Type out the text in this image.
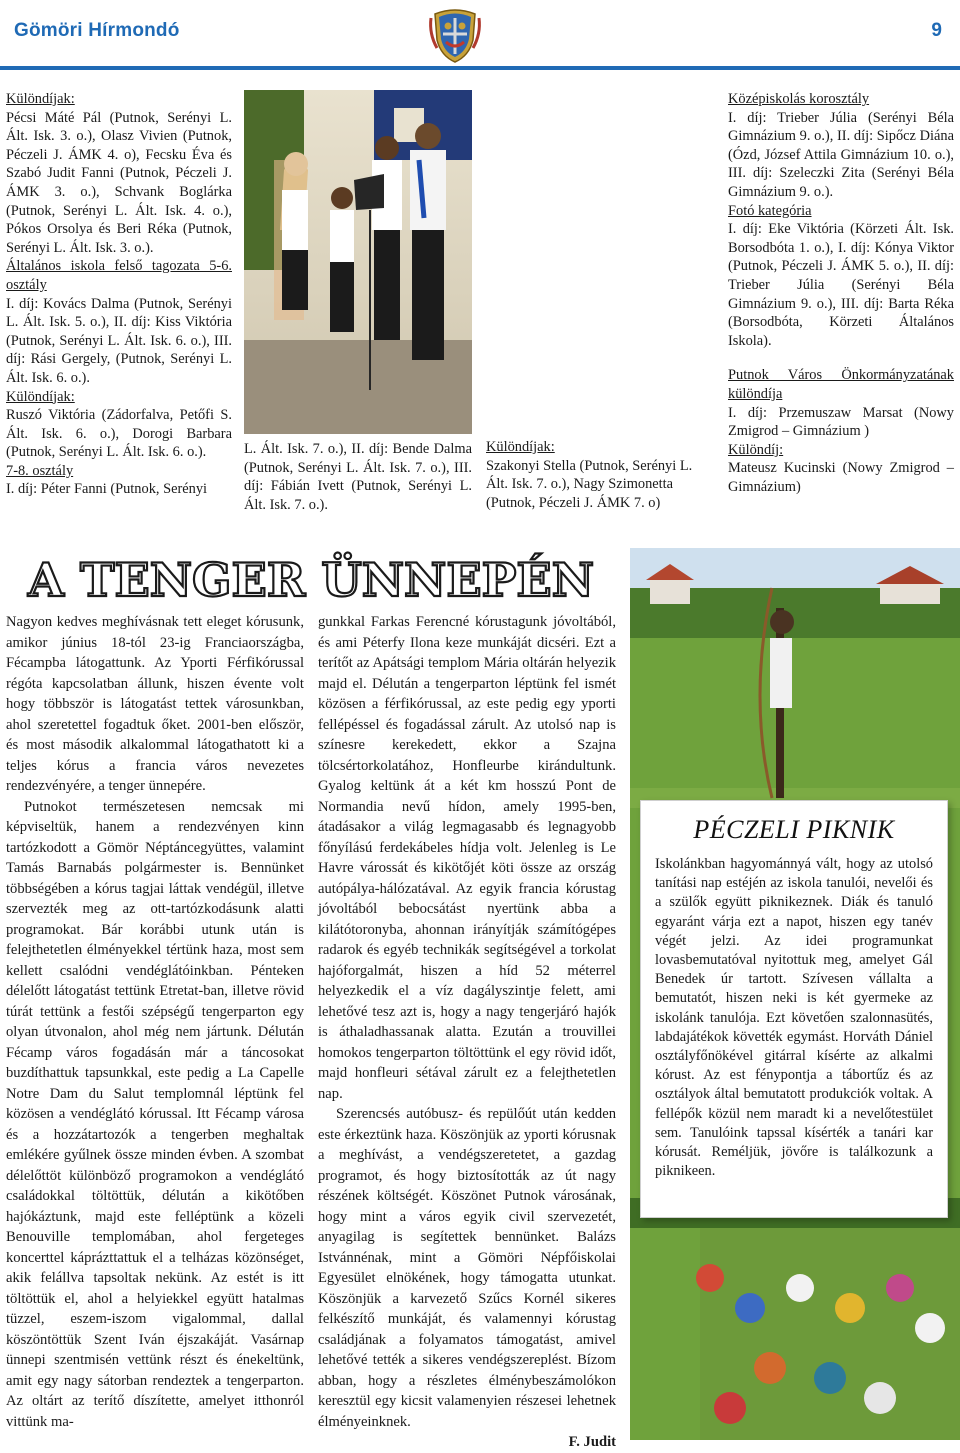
Gömöri Hírmondó	9

Különdíjak:

Pécsi Máté Pál (Putnok, Serényi L. Ált. Isk. 3. o.), Olasz Vivien (Putnok, Péczeli J. ÁMK 4. o), Fecsku Éva és Szabó Judit Fanni (Putnok, Péczeli J. ÁMK 3. o.), Schvank Boglárka (Putnok, Serényi L. Ált. Isk. 4. o.), Pókos Orsolya és Beri Réka (Putnok, Serényi L. Ált. Isk. 3. o.).

Általános iskola felső tagozata 5-6. osztály

I. díj: Kovács Dalma (Putnok, Serényi L. Ált. Isk. 5. o.), II. díj: Kiss Viktória (Putnok, Serényi L. Ált. Isk. 6. o.), III. díj: Rási Gergely, (Putnok, Serényi L. Ált. Isk. 6. o.).

Különdíjak:

Ruszó Viktória (Zádorfalva, Petőfi S. Ált. Isk. 6. o.), Dorogi Barbara (Putnok, Serényi L. Ált. Isk. 6. o.).

7-8. osztály

I. díj: Péter Fanni (Putnok, Serényi

L. Ált. Isk. 7. o.), II. díj: Bende Dalma (Putnok, Serényi L. Ált. Isk. 7. o.), III. díj: Fábián Ivett (Putnok, Serényi L. Ált. Isk. 7. o.).

Különdíjak:

Szakonyi Stella (Putnok, Serényi L. Ált. Isk. 7. o.), Nagy Szimonetta (Putnok, Péczeli J. ÁMK 7. o)

Középiskolás korosztály

I. díj: Trieber Júlia (Serényi Béla Gimnázium 9. o.), II. díj: Sipőcz Diána (Ózd, József Attila Gimnázium 10. o.), III. díj: Szeleczki Zita (Serényi Béla Gimnázium 9. o.).

Fotó kategória

I. díj: Eke Viktória (Körzeti Ált. Isk. Borsodbóta 1. o.), I. díj: Kónya Viktor (Putnok, Péczeli J. ÁMK 5. o.), II. díj: Trieber Júlia (Serényi Béla Gimnázium 9. o.), III. díj: Barta Réka (Borsodbóta, Körzeti Általános Iskola).

Putnok Város Önkormányzatának különdíja

I. díj: Przemuszaw Marsat (Nowy Zmigrod – Gimnázium )

Különdíj:

Mateusz Kucinski (Nowy Zmigrod – Gimnázium)

A TENGER ÜNNEPÉN

Nagyon kedves meghívásnak tett eleget kórusunk, amikor június 18-tól 23-ig Franciaországba, Fécampba látogattunk. Az Yporti Férfikórussal régóta kapcsolatban állunk, hiszen évente volt hogy többször is látogatást tettek városunkban, ahol szeretettel fogadtuk őket. 2001-ben először, és most második alkalommal látogathatott ki a teljes kórus a francia város nevezetes rendezvényére, a tenger ünnepére.

Putnokot természetesen nemcsak mi képviseltük, hanem a rendezvényen kinn tartózkodott a Gömör Néptáncegyüttes, valamint Tamás Barnabás polgármester is. Bennünket többségében a kórus tagjai láttak vendégül, illetve szervezték meg az ott-tartózkodásunk alatti programokat. Bár korábbi utunk után is felejthetetlen élményekkel tértünk haza, most sem kellett csalódni vendéglátóinkban. Pénteken délelőtt látogatást tettünk Etretat-ban, illetve rövid túrát tettünk a festői szépségű tengerparton egy olyan útvonalon, ahol még nem jártunk. Délután Fécamp város fogadásán már a táncosokat buzdíthattuk tapsunkkal, este pedig a La Capelle Notre Dam du Salut templomnál léptünk fel közösen a vendéglátó kórussal. Itt Fécamp városa és a hozzátartozók a tengerben meghaltak emlékére gyűlnek össze minden évben. A szombat délelőttöt különböző programokon a vendéglátó családokkal töltöttük, délután a kikötőben hajókáztunk, majd este felléptünk a közeli Benouville templomában, ahol fergeteges koncerttel káprázttattuk el a telházas közönséget, akik felállva tapsoltak nekünk. Az estét is itt töltöttük el, ahol a helyiekkel együtt hatalmas tüzzel, eszem-iszom vigalommal, dallal köszöntöttük Szent Iván éjszakáját. Vasárnap ünnepi szentmisén vettünk részt és énekeltünk, amit egy nagy sátorban rendeztek a tengerparton. Az oltárt az terítő díszítette, amelyet itthonról vittünk ma-

gunkkal Farkas Ferencné kórustagunk jóvoltából, és ami Péterfy Ilona keze munkáját dicséri. Ezt a terítőt az Apátsági templom Mária oltárán helyezik majd el. Délután a tengerparton léptünk fel ismét közösen a férfikórussal, az este pedig egy yporti fellépéssel és fogadással zárult. Az utolsó nap is színesre kerekedett, ekkor a Szajna tölcsértorkolatához, Honfleurbe kirándultunk. Gyalog keltünk át a két km hosszú Pont de Normandia nevű hídon, amely 1995-ben, átadásakor a világ legmagasabb és legnagyobb főnyílású ferdekábeles hídja volt. Jelenleg is Le Havre várossát és kikötőjét köti össze az ország autópálya-hálózatával. Az egyik francia kórustag jóvoltából bebocsátást nyertünk abba a kilátótoronyba, ahonnan irányítják számítógépes radarok és egyéb technikák segítségével a torkolat hajóforgalmát, hiszen a híd 52 méterrel helyezkedik el a víz dagályszintje felett, ami lehetővé tesz azt is, hogy a nagy tengerjáró hajók is áthaladhassanak alatta. Ezután a trouvillei homokos tengerparton töltöttünk el egy rövid időt, majd honfleuri sétával zárult ez a felejthetetlen nap.

Szerencsés autóbusz- és repülőút után kedden este érkeztünk haza. Köszönjük az yporti kórusnak a meghívást, a vendégszeretetet, a gazdag programot, és hogy biztosították az út nagy részének költségét. Köszönet Putnok városának, hogy mint a város egyik civil szervezetét, anyagilag is segítettek bennünket. Balázs Istvánnénak, mint a Gömöri Népfőiskolai Egyesület elnökének, hogy támogatta utunkat. Köszönjük a karvezető Szűcs Kornél sikeres felkészítő munkáját, és valamennyi kórustag családjának a folyamatos támogatást, amivel lehetővé tették a sikeres vendégszereplést. Bízom abban, hogy a részletes élménybeszámolókon keresztül egy kicsit valamenyien részesei lehetnek élményeinknek.

F. Judit

PÉCZELI PIKNIK
Iskolánkban hagyománnyá vált, hogy az utolsó tanítási nap estéjén az iskola tanulói, nevelői és a szülők együtt piknikeznek. Diák és tanuló egyaránt várja ezt a napot, hiszen egy tanév végét jelzi. Az idei programunkat lovasbemutatóval nyitottuk meg, amelyet Gál Benedek úr tartott. Szívesen vállalta a bemutatót, hiszen neki is két gyermeke az iskolánk tanulója. Ezt követően szalonnasütés, labdajátékok követték egymást. Horváth Dániel osztályfőnökével gitárral kísérte az alkalmi kórust. Az est fénypontja a tábortűz és az osztályok által bemutatott produkciók voltak. A fellépők közül nem maradt ki a nevelőtestület sem. Tanulóink tapssal kísérték a tanári kar kórusát. Reméljük, jövőre is találkozunk a piknikeen.
